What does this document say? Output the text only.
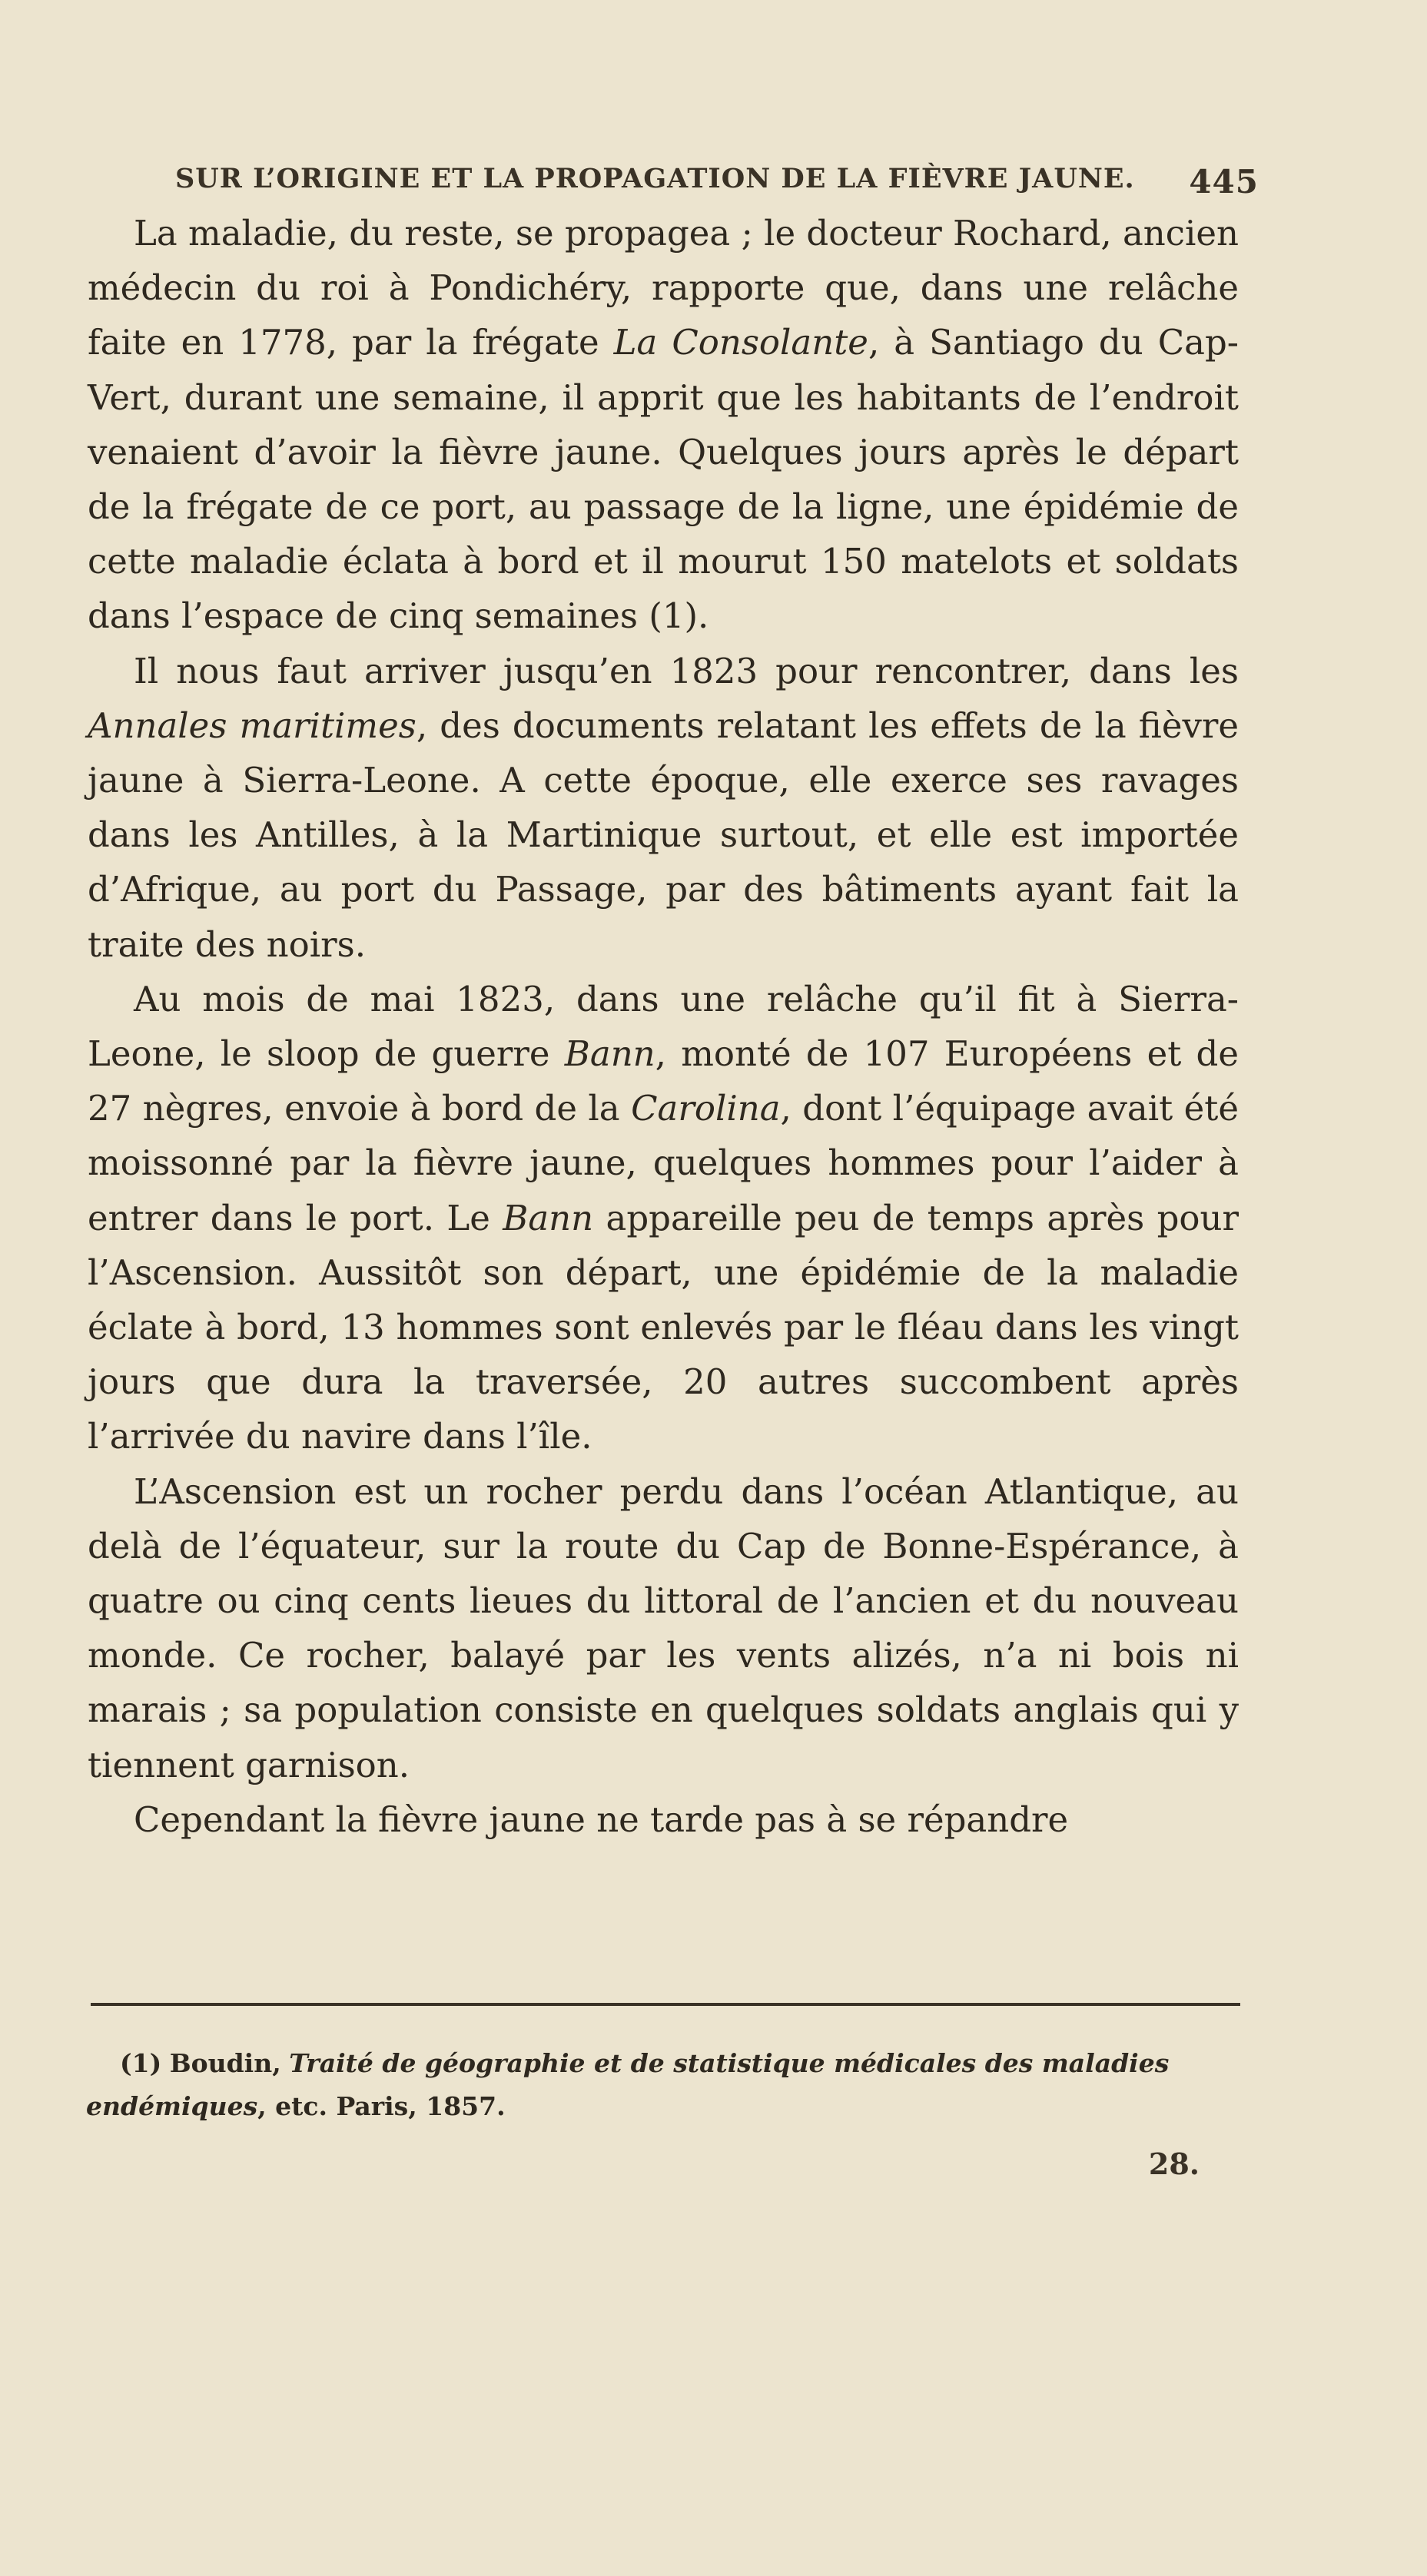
SUR L’ORIGINE ET LA PROPAGATION DE LA FIÈVRE JAUNE. 445

La maladie, du reste, se propagea ; le docteur Rochard, ancien médecin du roi à Pondichéry, rapporte que, dans une relâche faite en 1778, par la frégate La Consolante, à Santiago du Cap-Vert, durant une semaine, il apprit que les habitants de l’endroit venaient d’avoir la fièvre jaune. Quelques jours après le départ de la frégate de ce port, au passage de la ligne, une épidémie de cette maladie éclata à bord et il mourut 150 matelots et soldats dans l’espace de cinq semaines (1).

Il nous faut arriver jusqu’en 1823 pour rencontrer, dans les Annales maritimes, des documents relatant les effets de la fièvre jaune à Sierra-Leone. A cette époque, elle exerce ses ravages dans les Antilles, à la Martinique surtout, et elle est importée d’Afrique, au port du Passage, par des bâtiments ayant fait la traite des noirs.

Au mois de mai 1823, dans une relâche qu’il fit à Sierra-Leone, le sloop de guerre Bann, monté de 107 Européens et de 27 nègres, envoie à bord de la Carolina, dont l’équipage avait été moissonné par la fièvre jaune, quelques hommes pour l’aider à entrer dans le port. Le Bann appareille peu de temps après pour l’Ascension. Aussitôt son départ, une épidémie de la maladie éclate à bord, 13 hommes sont enlevés par le fléau dans les vingt jours que dura la traversée, 20 autres succombent après l’arrivée du navire dans l’île.

L’Ascension est un rocher perdu dans l’océan Atlantique, au delà de l’équateur, sur la route du Cap de Bonne-Espérance, à quatre ou cinq cents lieues du littoral de l’ancien et du nouveau monde. Ce rocher, balayé par les vents alizés, n’a ni bois ni marais ; sa population consiste en quelques soldats anglais qui y tiennent garnison.

Cependant la fièvre jaune ne tarde pas à se répandre

(1) Boudin, Traité de géographie et de statistique médicales des maladies endémiques, etc. Paris, 1857.

28.
